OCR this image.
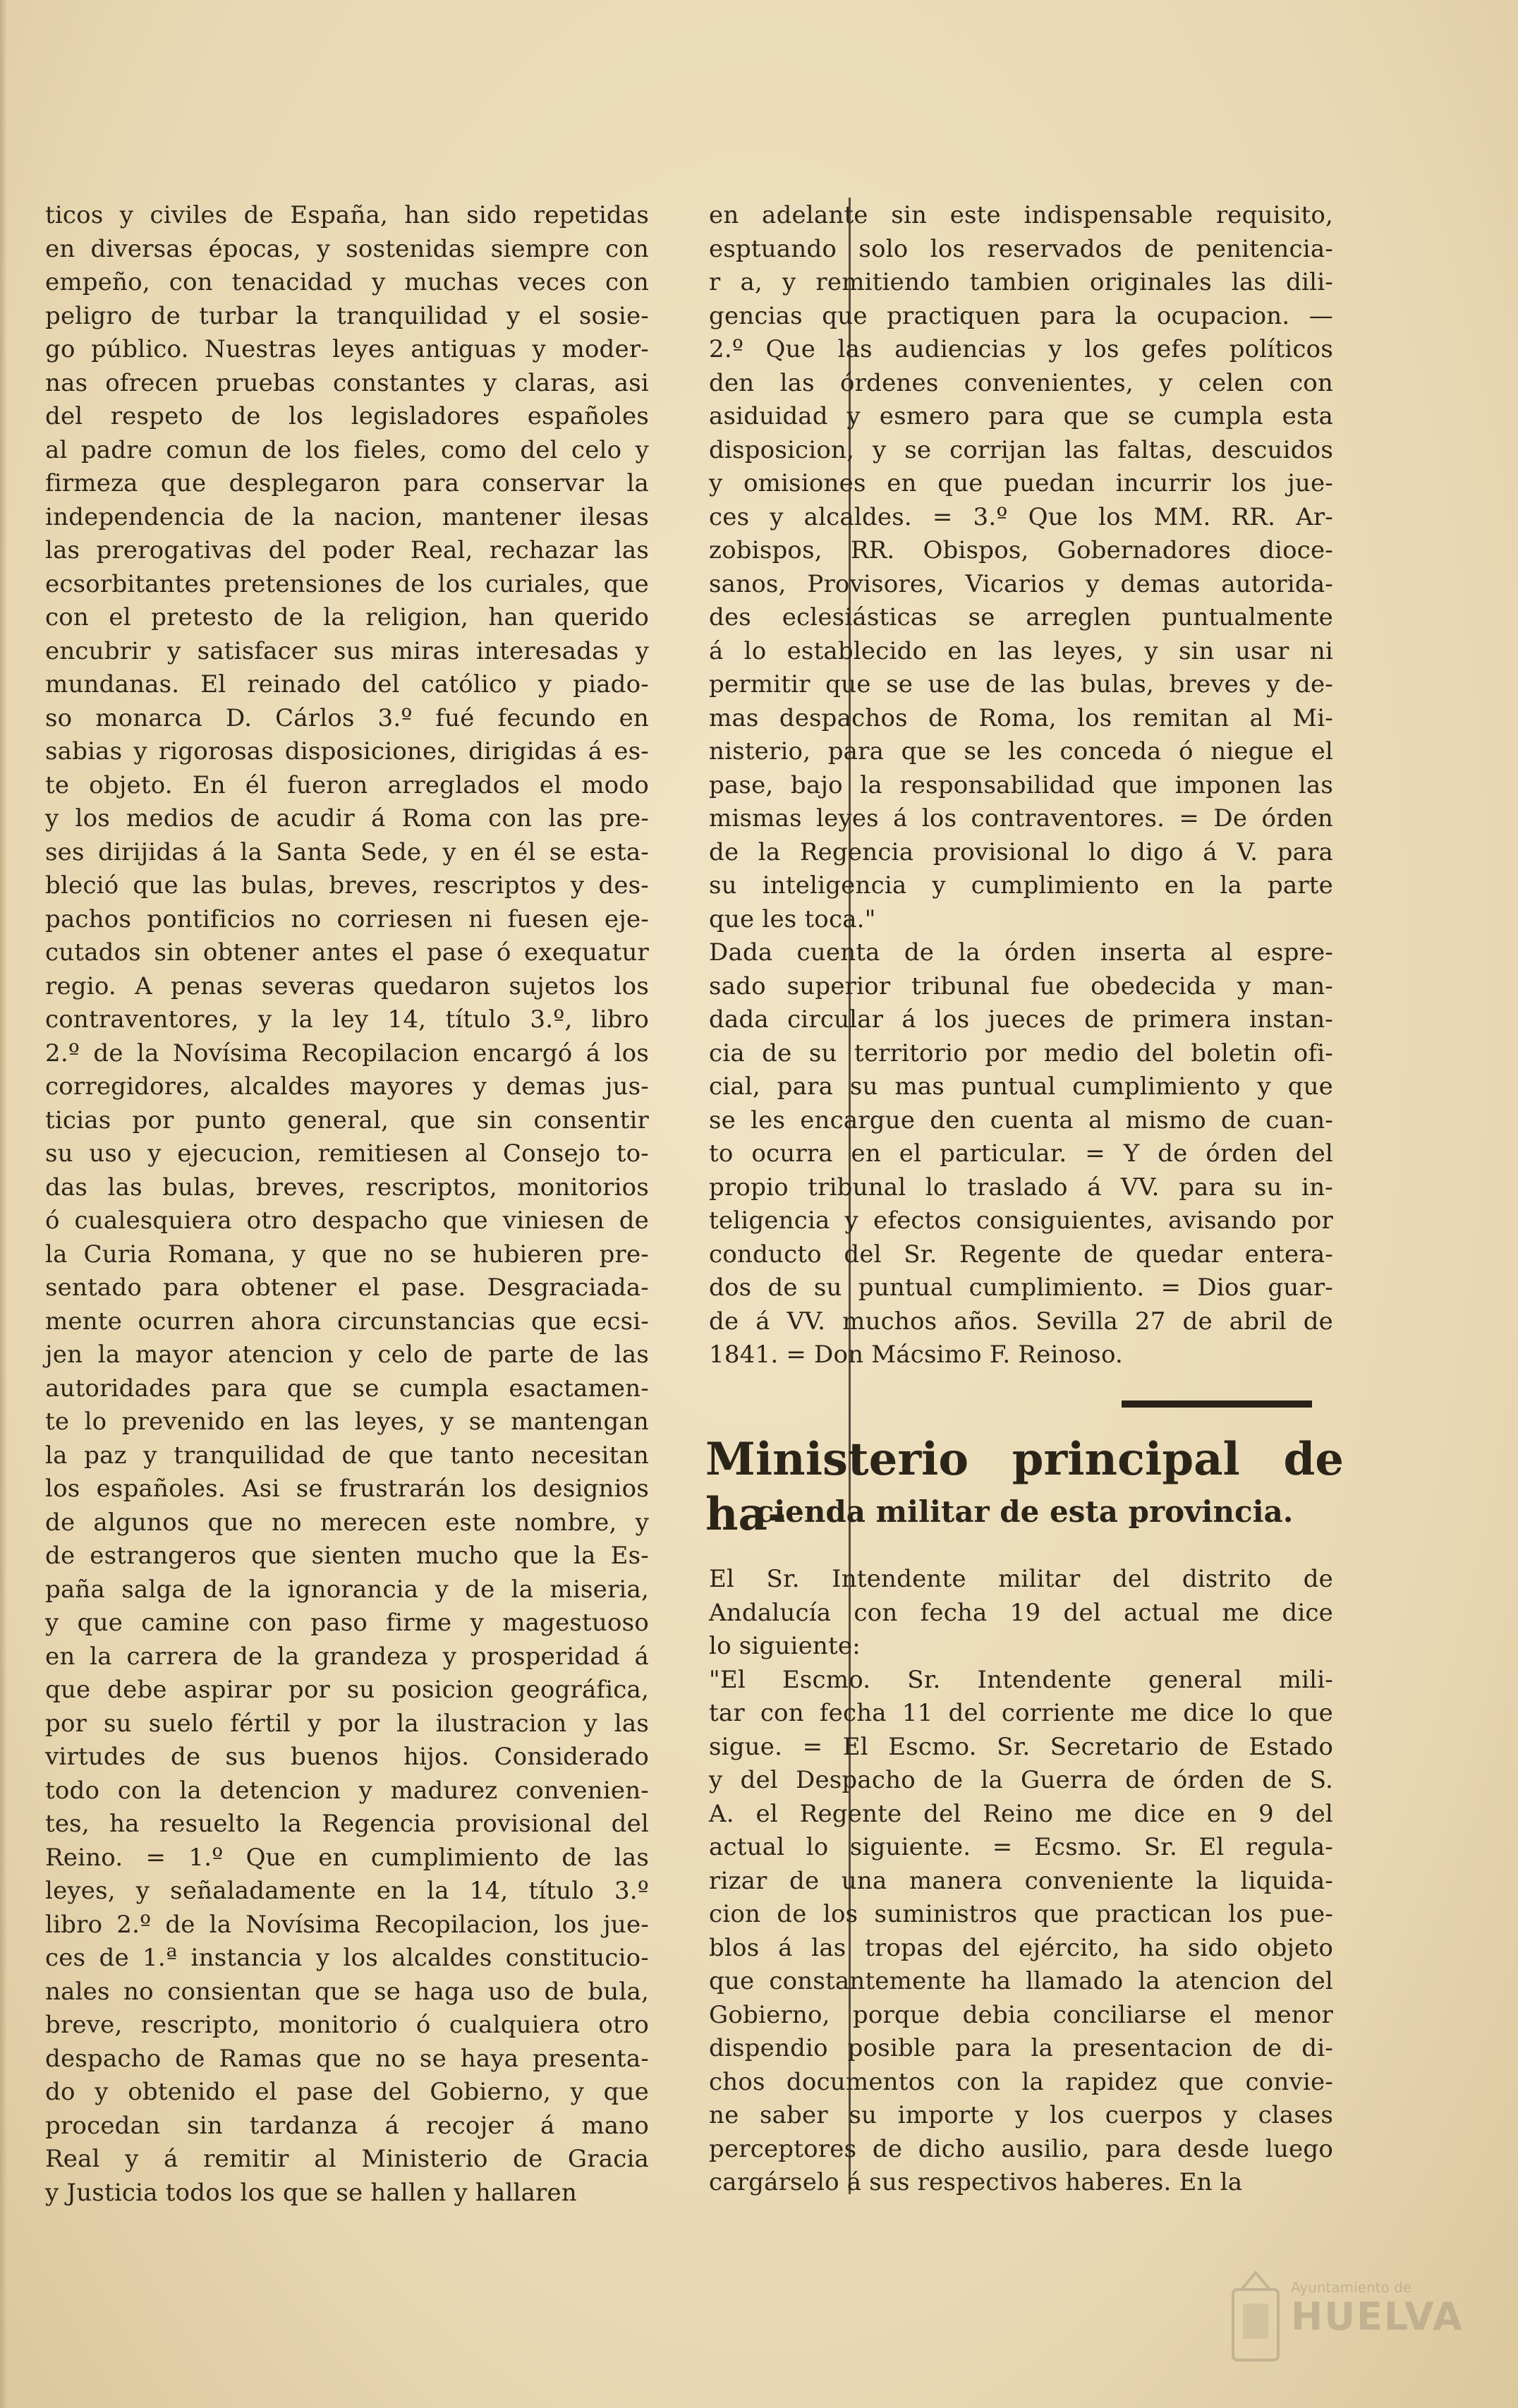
ticos y civiles de España, han sido repetidas

en diversas épocas, y sostenidas siempre con

empeño, con tenacidad y muchas veces con

peligro de turbar la tranquilidad y el sosie-

go público. Nuestras leyes antiguas y moder-

nas ofrecen pruebas constantes y claras, asi

del respeto de los legisladores españoles

al padre comun de los fieles, como del celo y

firmeza que desplegaron para conservar la

independencia de la nacion, mantener ilesas

las prerogativas del poder Real, rechazar las

ecsorbitantes pretensiones de los curiales, que

con el pretesto de la religion, han querido

encubrir y satisfacer sus miras interesadas y

mundanas. El reinado del católico y piado-

so monarca D. Cárlos 3.º fué fecundo en

sabias y rigorosas disposiciones, dirigidas á es-

te objeto. En él fueron arreglados el modo

y los medios de acudir á Roma con las pre-

ses dirijidas á la Santa Sede, y en él se esta-

bleció que las bulas, breves, rescriptos y des-

pachos pontificios no corriesen ni fuesen eje-

cutados sin obtener antes el pase ó exequatur

regio. A penas severas quedaron sujetos los

contraventores, y la ley 14, título 3.º, libro

2.º de la Novísima Recopilacion encargó á los

corregidores, alcaldes mayores y demas jus-

ticias por punto general, que sin consentir

su uso y ejecucion, remitiesen al Consejo to-

das las bulas, breves, rescriptos, monitorios

ó cualesquiera otro despacho que viniesen de

la Curia Romana, y que no se hubieren pre-

sentado para obtener el pase. Desgraciada-

mente ocurren ahora circunstancias que ecsi-

jen la mayor atencion y celo de parte de las

autoridades para que se cumpla esactamen-

te lo prevenido en las leyes, y se mantengan

la paz y tranquilidad de que tanto necesitan

los españoles. Asi se frustrarán los designios

de algunos que no merecen este nombre, y

de estrangeros que sienten mucho que la Es-

paña salga de la ignorancia y de la miseria,

y que camine con paso firme y magestuoso

en la carrera de la grandeza y prosperidad á

que debe aspirar por su posicion geográfica,

por su suelo fértil y por la ilustracion y las

virtudes de sus buenos hijos. Considerado

todo con la detencion y madurez convenien-

tes, ha resuelto la Regencia provisional del

Reino. = 1.º Que en cumplimiento de las

leyes, y señaladamente en la 14, título 3.º

libro 2.º de la Novísima Recopilacion, los jue-

ces de 1.ª instancia y los alcaldes constitucio-

nales no consientan que se haga uso de bula,

breve, rescripto, monitorio ó cualquiera otro

despacho de Ramas que no se haya presenta-

do y obtenido el pase del Gobierno, y que

procedan sin tardanza á recojer á mano

Real y á remitir al Ministerio de Gracia

y Justicia todos los que se hallen y hallaren

en adelante sin este indispensable requisito,

esptuando solo los reservados de penitencia-

r a, y remitiendo tambien originales las dili-

gencias que practiquen para la ocupacion. —

2.º Que las audiencias y los gefes políticos

den las órdenes convenientes, y celen con

asiduidad y esmero para que se cumpla esta

disposicion, y se corrijan las faltas, descuidos

y omisiones en que puedan incurrir los jue-

ces y alcaldes. = 3.º Que los MM. RR. Ar-

zobispos, RR. Obispos, Gobernadores dioce-

sanos, Provisores, Vicarios y demas autorida-

des eclesiásticas se arreglen puntualmente

á lo establecido en las leyes, y sin usar ni

permitir que se use de las bulas, breves y de-

mas despachos de Roma, los remitan al Mi-

nisterio, para que se les conceda ó niegue el

pase, bajo la responsabilidad que imponen las

mismas leyes á los contraventores. = De órden

de la Regencia provisional lo digo á V. para

su inteligencia y cumplimiento en la parte

que les toca."

Dada cuenta de la órden inserta al espre-

sado superior tribunal fue obedecida y man-

dada circular á los jueces de primera instan-

cia de su territorio por medio del boletin ofi-

cial, para su mas puntual cumplimiento y que

se les encargue den cuenta al mismo de cuan-

to ocurra en el particular. = Y de órden del

propio tribunal lo traslado á VV. para su in-

teligencia y efectos consiguientes, avisando por

conducto del Sr. Regente de quedar entera-

dos de su puntual cumplimiento. = Dios guar-

de á VV. muchos años. Sevilla 27 de abril de

1841. = Don Mácsimo F. Reinoso.

Ministerio principal de ha-
cienda militar de esta provincia.

El Sr. Intendente militar del distrito de

Andalucía con fecha 19 del actual me dice

lo siguiente:

"El Escmo. Sr. Intendente general mili-

tar con fecha 11 del corriente me dice lo que

sigue. = El Escmo. Sr. Secretario de Estado

y del Despacho de la Guerra de órden de S.

A. el Regente del Reino me dice en 9 del

actual lo siguiente. = Ecsmo. Sr. El regula-

rizar de una manera conveniente la liquida-

cion de los suministros que practican los pue-

blos á las tropas del ejército, ha sido objeto

que constantemente ha llamado la atencion del

Gobierno, porque debia conciliarse el menor

dispendio posible para la presentacion de di-

chos documentos con la rapidez que convie-

ne saber su importe y los cuerpos y clases

perceptores de dicho ausilio, para desde luego

cargárselo á sus respectivos haberes. En la

Ayuntamiento de
HUELVA
